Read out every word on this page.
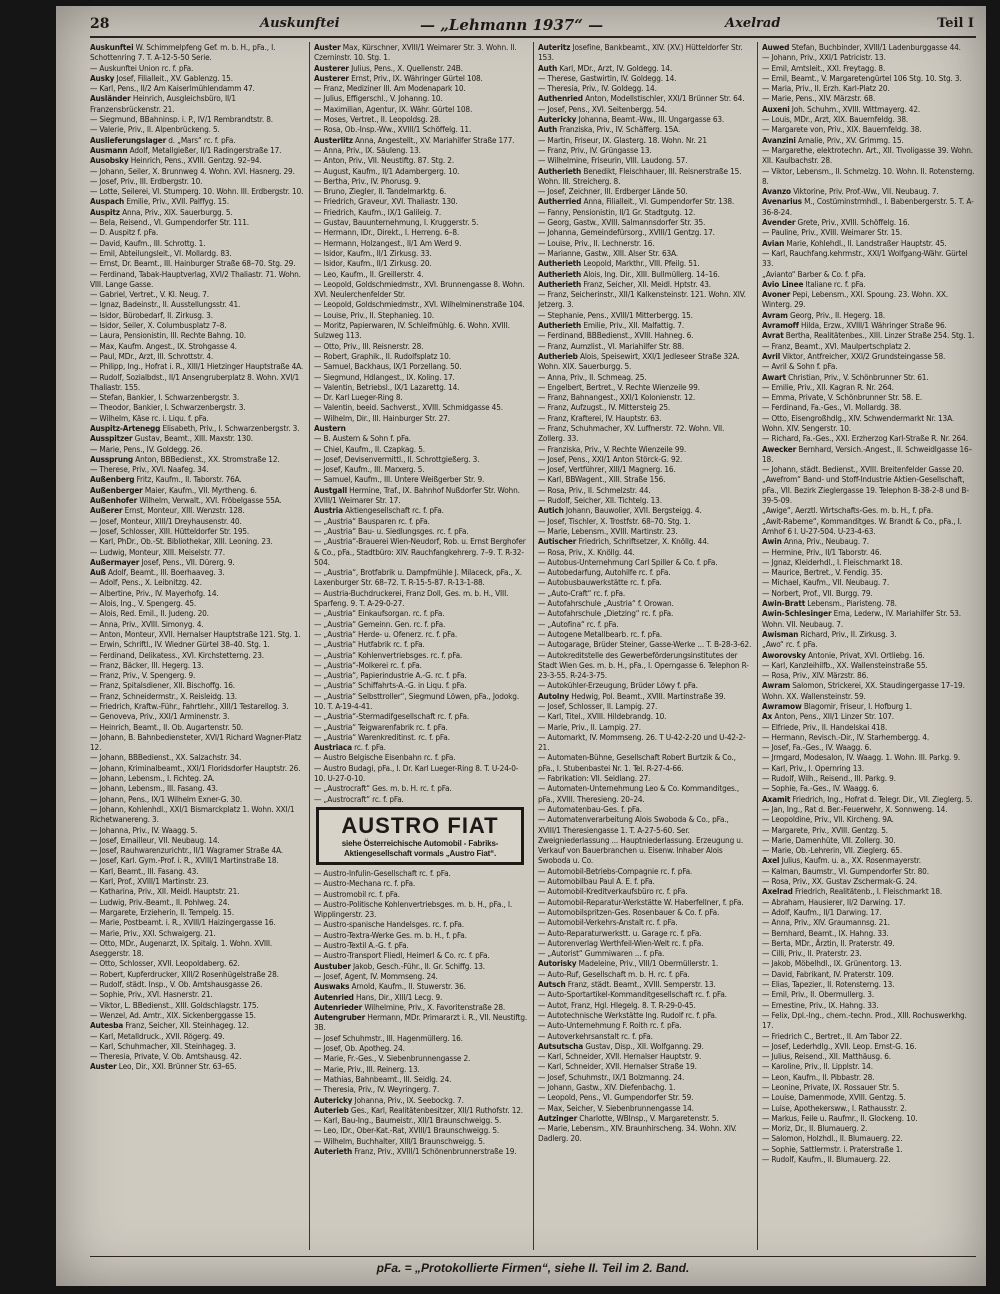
28	Auskunftei	— „Lehmann 1937“ —	Axelrad	Teil I
Auskunftei W. Schimmelpfeng Gef. m. b. H., pFa., I. Schottenring 7. T. A-12-5-50 Serie.
— Auskunftei Union rc. f. pFa.
Ausky Josef, Filialleit., XV. Gablenzg. 15.
— Karl, Pens., II/2 Am Kaiserlmühlendamm 47.
Ausländer Heinrich, Ausgleichsbüro, II/1 Franzensbrückenstr. 21.
— Siegmund, BBahninsp. i. P., IV/1 Rembrandtstr. 8.
— Valerie, Priv., II. Alpenbrückeng. 5.
Auslieferungslager d. „Mars“ rc. f. pFa.
Ausmann Adolf, Metallgießer, II/1 Radingerstraße 17.
Ausobsky Heinrich, Pens., XVIII. Gentzg. 92–94.
— Johann, Seiler, X. Brunnweg 4. Wohn. XVI. Hasnerg. 29.
— Josef, Priv., III. Erdbergstr. 10.
— Lotte, Seilerei, VI. Stumperg. 10. Wohn. III. Erdbergstr. 10.
Auspach Emilie, Priv., XVII. Palffyg. 15.
Auspitz Anna, Priv., XIX. Sauerburgg. 5.
— Bela, Reisend., VI. Gumpendorfer Str. 111.
— D. Auspitz f. pFa.
— David, Kaufm., III. Schrottg. 1.
— Emil, Abteilungsleit., VI. Mollardg. 83.
— Ernst, Dr. Beamt., III. Hainburger Straße 68–70. Stg. 29.
— Ferdinand, Tabak-Hauptverlag, XVI/2 Thaliastr. 71. Wohn. VIII. Lange Gasse.
— Gabriel, Vertret., V. Kl. Neug. 7.
— Ignaz, Badeinstr., II. Ausstellungsstr. 41.
— Isidor, Bürobedarf, II. Zirkusg. 3.
— Isidor, Seiler, X. Columbusplatz 7–8.
— Laura, Pensionistin, III. Rechte Bahng. 10.
— Max, Kaufm. Angest., IX. Strohgasse 4.
— Paul, MDr., Arzt, III. Schrottstr. 4.
— Philipp, Ing., Hofrat i. R., XIII/1 Hietzinger Hauptstraße 4A.
— Rudolf, Sozialbdst., II/1 Ansengruberplatz 8. Wohn. XVI/1 Thaliastr. 155.
— Stefan, Bankier, I. Schwarzenbergstr. 3.
— Theodor, Bankier, I. Schwarzenbergstr. 3.
— Wilhelm, Käse rc. i. Liqu. f. pFa.
Auspitz-Artenegg Elisabeth, Priv., I. Schwarzenbergstr. 3.
Ausspitzer Gustav, Beamt., XIII. Maxstr. 130.
— Marie, Pens., IV. Goldegg. 26.
Aussprung Anton, BBBedienst., XX. Stromstraße 12.
— Therese, Priv., XVI. Naafeg. 34.
Außenberg Fritz, Kaufm., II. Taborstr. 76A.
Außenberger Maier, Kaufm., VII. Myrtheng. 6.
Außenhofer Wilhelm, Verwalt., XVI. Fröbelgasse 55A.
Außerer Ernst, Monteur, XIII. Wenzstr. 128.
— Josef, Monteur, XIII/1 Dreyhausenstr. 40.
— Josef, Schlosser, XIII. Hütteldorfer Str. 195.
— Karl, PhDr., Ob.-St. Bibliothekar, XIII. Leoning. 23.
— Ludwig, Monteur, XIII. Meiselstr. 77.
Außermayer Josef, Pens., VII. Dürerg. 9.
Auß Adolf, Beamt., III. Boerhaaveg. 3.
— Adolf, Pens., X. Leibnitzg. 42.
— Albertine, Priv., IV. Mayerhofg. 14.
— Alois, Ing., V. Spengerg. 45.
— Alois, Red. Emil., II. Judeng. 20.
— Anna, Priv., XVIII. Simonyg. 4.
— Anton, Monteur, XVII. Hernalser Hauptstraße 121. Stg. 1.
— Erwin, Schriftl., IV. Wiedner Gürtel 38–40. Stg. 1.
— Ferdinand, Delikatess., XVI. Kirchstetterng. 23.
— Franz, Bäcker, III. Hegerg. 13.
— Franz, Priv., V. Spengerg. 9.
— Franz, Spitalsdiener, XII. Bischoffg. 16.
— Franz, Schneidermstr., X. Reisleidg. 13.
— Friedrich, Kraftw.-Führ., Fahrtlehr., XIII/1 Testarellog. 3.
— Genoveva, Priv., XXI/1 Arminenstr. 3.
— Heinrich, Beamt., II. Ob. Augartenstr. 50.
— Johann, B. Bahnbediensteter, XVI/1 Richard Wagner-Platz 12.
— Johann, BBBedienst., XX. Salzachstr. 34.
— Johann, Kriminalbeamt., XXI/1 Floridsdorfer Hauptstr. 26.
— Johann, Lebensm., I. Fichteg. 2A.
— Johann, Lebensm., III. Fasang. 43.
— Johann, Pens., IX/1 Wilhelm Exner-G. 30.
— Johann, Kohlenhdl., XXI/1 Bismarckplatz 1. Wohn. XXI/1 Richetwanereng. 3.
— Johanna, Priv., IV. Waagg. 5.
— Josef, Emailleur, VII. Neubaug. 14.
— Josef, Rauhwarenzurichtr., II/1 Wagramer Straße 4A.
— Josef, Karl. Gym.-Prof. i. R., XVIII/1 Martinstraße 18.
— Karl, Beamt., III. Fasang. 43.
— Karl, Prof., XVIII/1 Martinstr. 23.
— Katharina, Priv., XII. Meidl. Hauptstr. 21.
— Ludwig, Priv.-Beamt., II. Pohlweg. 24.
— Margarete, Erzieherin, II. Tempelg. 15.
— Marie, Postbeamt. i. R., XVIII/1 Haizingergasse 16.
— Marie, Priv., XXI. Schwaigerg. 21.
— Otto, MDr., Augenarzt, IX. Spitalg. 1. Wohn. XVIII. Aseggerstr. 18.
— Otto, Schlosser, XVII. Leopoldaberg. 62.
— Robert, Kupferdrucker, XIII/2 Rosenhügelstraße 28.
— Rudolf, städt. Insp., V. Ob. Amtshausgasse 26.
— Sophie, Priv., XVI. Hasnerstr. 21.
— Viktor, L. BBedienst., XIII. Goldschlagstr. 175.
— Wenzel, Ad. Amtr., XIX. Sickenberggasse 15.
Autesba Franz, Seicher, XII. Steinhageg. 12.
— Karl, Metalldruck., XVII. Rögerg. 49.
— Karl, Schuhmacher, XII. Steinhageg. 3.
— Theresia, Private, V. Ob. Amtshausg. 42.
Auster Leo, Dir., XXI. Brünner Str. 63–65.
Auster Max, Kürschner, XVIII/1 Weimarer Str. 3. Wohn. II. Czerninstr. 10. Stg. 1.
Austerer Julius, Pens., X. Quellenstr. 24B.
Austerer Ernst, Priv., IX. Währinger Gürtel 108.
— Franz, Mediziner III. Am Modenapark 10.
— Julius, Effigerschl., V. Johanng. 10.
— Maximilian, Agentur, IX. Währ. Gürtel 108.
— Moses, Vertret., II. Leopoldsg. 28.
— Rosa, Ob.-Insp.-Ww., XVIII/1 Schöffelg. 11.
Austerlitz Anna, Angestellt., XV. Mariahilfer Straße 177.
— Anna, Priv., IX. Säuleng. 13.
— Anton, Priv., VII. Neustiftg. 87. Stg. 2.
— August, Kaufm., II/1 Adambergerg. 10.
— Bertha, Priv., IV. Phorusg. 9.
— Bruno, Ziegler, II. Tandelmarktg. 6.
— Friedrich, Graveur, XVI. Thaliastr. 130.
— Friedrich, Kaufm., IX/1 Galileig. 7.
— Gustav, Bauunternehmung, I. Kruggerstr. 5.
— Hermann, IDr., Direkt., I. Herreng. 6–8.
— Hermann, Holzangest., II/1 Am Werd 9.
— Isidor, Kaufm., II/1 Zirkusg. 33.
— Isidor, Kaufm., II/1 Zirkusg. 20.
— Leo, Kaufm., II. Greillerstr. 4.
— Leopold, Goldschmiedmstr., XVI. Brunnengasse 8. Wohn. XVI. Neulerchenfelder Str.
— Leopold, Goldschmiedmstr., XVI. Wilhelminenstraße 104.
— Louise, Priv., II. Stephanieg. 10.
— Moritz, Papierwaren, IV. Schleifmühlg. 6. Wohn. XVIII. Sulzweg 113.
— Otto, Priv., III. Reisnerstr. 28.
— Robert, Graphik., II. Rudolfsplatz 10.
— Samuel, Backhaus, IX/1 Porzellang. 50.
— Siegmund, Hdlangest., IX. Koling. 17.
— Valentin, Betriebsl., IX/1 Lazarettg. 14.
— Dr. Karl Lueger-Ring 8.
— Valentin, beeid. Sachverst., XVIII. Schmidgasse 45.
— Wilhelm, Dir., III. Hainburger Str. 27.
Austern
— B. Austern & Sohn f. pFa.
— Chiel, Kaufm., II. Czapkag. 5.
— Josef, Devisenvermittl., II. Schrottgießerg. 3.
— Josef, Kaufm., III. Marxerg. 5.
— Samuel, Kaufm., III. Untere Weißgerber Str. 9.
Austgall Hermine, Traf., IX. Bahnhof Nußdorfer Str. Wohn. XVIII/1 Weimarer Str. 17.
Austria Aktiengesellschaft rc. f. pFa.
— „Austria“ Bausparen rc. f. pFa.
— „Austria“ Bau- u. Siedlungsges. rc. f. pFa.
— „Austria“-Brauerei Wien-Neudorf, Rob. u. Ernst Berghofer & Co., pFa., Stadtbüro: XIV. Rauchfangkehrerg. 7–9. T. R-32-504.
— „Austria“, Brotfabrik u. Dampfmühle J. Milaceck, pFa., X. Laxenburger Str. 68–72. T. R-15-5-87. R-13-1-88.
— Austria-Buchdruckerei, Franz Doll, Ges. m. b. H., VIII. Sparfeng. 9. T. A-29-0-27.
— „Austria“ Einkaufsorgan. rc. f. pFa.
— „Austria“ Gemeinn. Gen. rc. f. pFa.
— „Austria“ Herde- u. Ofenerz. rc. f. pFa.
— „Austria“ Hutfabrik rc. f. pFa.
— „Austria“ Kohlenvertriebsges. rc. f. pFa.
— „Austria“-Molkerei rc. f. pFa.
— „Austria“, Papierindustrie A.-G. rc. f. pFa.
— „Austria“ Schiffahrts-A.-G. in Liqu. f. pFa.
— „Austria“ Selbsttroller“, Siegmund Löwen, pFa., Jodokg. 10. T. A-19-4-41.
— „Austria“-Stermadifgesellschaft rc. f. pFa.
— „Austria“ Teigwarenfabrik rc. f. pFa.
— „Austria“ Warenkreditinst. rc. f. pFa.
Austriaca rc. f. pFa.
— Austro Belgische Eisenbahn rc. f. pFa.
— Austro Budagi, pFa., I. Dr. Karl Lueger-Ring 8. T. U-24-0-10. U-27-0-10.
— „Austrocraft“ Ges. m. b. H. rc. f. pFa.
— „Austrocraft“ rc. f. pFa.
AUSTRO FIAT
siehe Österreichische Automobil - Fabriks-
Aktiengesellschaft vormals „Austro Fiat“.
— Austro-Infulin-Gesellschaft rc. f. pFa.
— Austro-Mechana rc. f. pFa.
— Austromobil rc. f. pFa.
— Austro-Politische Kohlenvertriebsges. m. b. H., pFa., I. Wipplingerstr. 23.
— Austro-spanische Handelsges. rc. f. pFa.
— Austro-Textra-Werke Ges. m. b. H., f. pFa.
— Austro-Textil A.-G. f. pFa.
— Austro-Transport Fliedl, Heimerl & Co. rc. f. pFa.
Austuber Jakob, Gesch.-Führ., II. Gr. Schiffg. 13.
— Josef, Agent, IV. Mommseng. 24.
Auswaks Arnold, Kaufm., II. Stuwerstr. 36.
Autenried Hans, Dir., XIII/1 Lecg. 9.
Autenrieder Wilhelmine, Priv., X. Favoritenstraße 28.
Autengruber Hermann, MDr. Primararzt i. R., VII. Neustiftg. 3B.
— Josef Schuhmstr., III. Hagenmüllerg. 16.
— Josef, Ob. Apotheg. 24.
— Marie, Fr.-Ges., V. Siebenbrunnengasse 2.
— Marie, Priv., III. Reinerg. 13.
— Mathias, Bahnbeamt., III. Seidlg. 24.
— Theresia, Priv., IV. Weyringerg. 7.
Autericky Johanna, Priv., IX. Seebockg. 7.
Auterieb Ges., Karl, Realitätenbesitzer, XII/1 Ruthofstr. 12.
— Karl, Bau-Ing., Baumeistr., XII/1 Braunschweigg. 5.
— Leo, IDr., Ober-Kat.-Rat, XVIII/1 Braunschweigg. 5.
— Wilhelm, Buchhalter, XIII/1 Braunschweigg. 5.
Auterieth Franz, Priv., XVIII/1 Schönenbrunnerstraße 19.
Auteritz Josefine, Bankbeamt., XIV. (XV.) Hütteldorfer Str. 153.
Auth Karl, MDr., Arzt, IV. Goldegg. 14.
— Therese, Gastwirtin, IV. Goldegg. 14.
— Theresia, Priv., IV. Goldegg. 14.
Authenried Anton, Modellstischler, XXI/1 Brünner Str. 64.
— Josef, Pens., XVI. Seitenbergg. 54.
Autericky Johanna, Beamt.-Ww., III. Ungargasse 63.
Auth Franziska, Priv., IV. Schäfferg. 15A.
— Martin, Friseur, IX. Glasterg. 18. Wohn. Nr. 21
— Franz, Priv., IV. Grüngasse 13.
— Wilhelmine, Friseurin, VIII. Laudong. 57.
Autherieth Benedikt, Fleischhauer, III. Reisnerstraße 15. Wohn. III. Streicherg. 8.
— Josef, Zeichner, III. Erdberger Lände 50.
Autherried Anna, Filialleit., VI. Gumpendorfer Str. 138.
— Fanny, Pensionistin, II/1 Gr. Stadtgutg. 12.
— Georg, Gastw., XVIII. Salmannsdorfer Str. 35.
— Johanna, Gemeindefürsorg., XVIII/1 Gentzg. 17.
— Louise, Priv., II. Lechnerstr. 16.
— Marianne, Gastw., XIII. Alser Str. 63A.
Autherieth Leopold, Markthr., VIII. Pfeilg. 51.
Autherieth Alois, Ing. Dir., XIII. Bullmüllerg. 14–16.
Autherieth Franz, Seicher, XII. Meidl. Hptstr. 43.
— Franz, Seicherinstr., XII/1 Kalkensteinstr. 121. Wohn. XIV. Jetzerg. 3.
— Stephanie, Pens., XVIII/1 Mitterbergg. 15.
Autherieth Emilie, Priv., XII. Malfattig. 7.
— Ferdinand, BBBedienst., XVIII. Hahneg. 6.
— Franz, Aumzlist., VI. Mariahilfer Str. 88.
Autherieb Alois, Speisewirt, XXI/1 Jedleseer Straße 32A. Wohn. XIX. Sauerburgg. 5.
— Anna, Priv., II. Schmeag. 25.
— Engelbert, Bertret., V. Rechte Wienzeile 99.
— Franz, Bahnangest., XXI/1 Kolonienstr. 12.
— Franz, Aufzugst., IV. Mittersteig 25.
— Franz, Krafterei, IV. Hauptstr. 63.
— Franz, Schuhmacher, XV. Luffnerstr. 72. Wohn. VII. Zollerg. 33.
— Franziska, Priv., V. Rechte Wienzeile 99.
— Josef, Pens., XXI/1 Anton Störck-G. 92.
— Josef, Vertführer, XIII/1 Magnerg. 16.
— Karl, BBWagent., XIII. Straße 156.
— Rosa, Priv., II. Schmelzstr. 44.
— Rudolf, Seicher, XII. Tichtelg. 13.
Autich Johann, Bauwolier, XVII. Bergsteigg. 4.
— Josef, Tischler, X. Trostfstr. 68–70. Stg. 1.
— Marie, Lebensm., XVIII. Martinstr. 23.
Autischer Friedrich, Schriftsetzer, X. Knöllg. 44.
— Rosa, Priv., X. Knöllg. 44.
— Autobus-Unternehmung Carl Spiller & Co. f. pFa.
— Autobedarfung, Autohilfe rc. f. pFa.
— Autobusbauwerkstätte rc. f. pFa.
— „Auto-Craft“ rc. f. pFa.
— Autofahrschule „Austria“ f. Orowan.
— Autofahrschule „Dietzing“ rc. f. pFa.
— „Autofina“ rc. f. pFa.
— Autogene Metallbearb. rc. f. pFa.
— Autogarage, Brüder Steiner, Gasse-Werke ... T. B-28-3-62.
— Autokreditstelle des Gewerbeförderungsinstitutes der Stadt Wien Ges. m. b. H., pFa., I. Operngasse 6. Telephon R-23-3-55. R-24-3-75.
— Autokühler-Erzeugung, Brüder Löwy f. pFa.
Autolny Hedwig, Pol. Beamt., XVIII. Martinstraße 39.
— Josef, Schlosser, II. Lampig. 27.
— Karl, Titel., XVIII. Hildebrandg. 10.
— Marie, Priv., II. Lampig. 27.
— Automarkt, IV. Mommseng. 26. T U-42-2-20 und U-42-2-21.
— Automaten-Bühne, Gesellschaft Robert Burtzik & Co., pFa., I. Stubenbastei Nr. 1. Tel. R-27-4-66.
— Fabrikation: VII. Seidlang. 27.
— Automaten-Unternehmung Leo & Co. Kommanditges., pFa., XVIII. Theresieng. 20–24.
— Automatenbau-Ges. f. pFa.
— Automatenverarbeitung Alois Swoboda & Co., pFa., XVIII/1 Theresiengasse 1. T. A-27-5-60. Ser. Zweigniederlassung ... Hauptniederlassung. Erzeugung u. Verkauf von Bauerbranchen u. Eisenw. Inhaber Alois Swoboda u. Co.
— Automobil-Betriebs-Compagnie rc. f. pFa.
— Automobilbau Paul A. E. f. pFa.
— Automobil-Kreditverkaufsbüro rc. f. pFa.
— Automobil-Reparatur-Werkstätte W. Haberfellner, f. pFa.
— Automobilspritzen-Ges. Rosenbauer & Co. f. pFa.
— Automobil-Verkehrs-Anstalt rc. f. pFa.
— Auto-Reparaturwerkstt. u. Garage rc. f. pFa.
— Autorenverlag Werthfeil-Wien-Welt rc. f. pFa.
— „Autorist“ Gummiwaren ... f. pFa.
Autorisky Madeleine, Priv., VIII/1 Obermüllerstr. 1.
— Auto-Ruf, Gesellschaft m. b. H. rc. f. pFa.
Autsch Franz, städt. Beamt., XVIII. Semperstr. 13.
— Auto-Sportartikel-Kommanditgesellschaft rc. f. pFa.
— Autot, Franz, Hgl. Hlegelg. 8. T. R-29-0-45.
— Autotechnische Werkstätte Ing. Rudolf rc. f. pFa.
— Auto-Unternehmung F. Roith rc. f. pFa.
— Autoverkehrsanstalt rc. f. pFa.
Autsutscha Gustav, Disp., XII. Wolfganng. 29.
— Karl, Schneider, XVII. Hernalser Hauptstr. 9.
— Karl, Schneider, XVII. Hernalser Straße 19.
— Josef, Schuhmstr., IX/1 Bolzmanng. 24.
— Johann, Gastw., XIV. Diefenbachg. 1.
— Leopold, Pens., VI. Gumpendorfer Str. 59.
— Max, Seicher, V. Siebenbrunnengasse 14.
Autzinger Charlotte, WBInsp., V. Margaretenstr. 5.
— Marie, Lebensm., XIV. Braunhirscheng. 34. Wohn. XIV. Dadlerg. 20.
Auwed Stefan, Buchbinder, XVIII/1 Ladenburggasse 44.
— Johann, Priv., XXI/1 Patricistr. 13.
— Emil, Amtsleit., XXI. Freytagg. 8.
— Emil, Beamt., V. Margaretengürtel 106 Stg. 10. Stg. 3.
— Maria, Priv., II. Erzh. Karl-Platz 20.
— Marie, Pens., XIV. Märzstr. 68.
Auxeni Joh. Schuhm., XVIII. Wittmayerg. 42.
— Louis, MDr., Arzt, XIX. Bauernfeldg. 38.
— Margarete von, Priv., XIX. Bauernfeldg. 38.
Avanzini Amalie, Priv., XV. Grimmg. 15.
— Margarethe, elektrotechn. Art., XII. Tivoligasse 39. Wohn. XII. Kaulbachstr. 28.
— Viktor, Lebensm., II. Schmelzg. 10. Wohn. II. Rotensterng. 8.
Avanzo Viktorine, Priv. Prof.-Ww., VII. Neubaug. 7.
Avenarius M., Costüminstrmhdl., I. Babenbergerstr. 5. T. A-36-8-24.
Avender Grete, Priv., XVIII. Schöffelg. 16.
— Pauline, Priv., XVIII. Weimarer Str. 15.
Avian Marie, Kohlehdl., II. Landstraßer Hauptstr. 45.
— Karl, Rauchfang.kehrmstr., XXI/1 Wolfgang-Währ. Gürtel 33.
„Avianto“ Barber & Co. f. pFa.
Avio Linee Italiane rc. f. pFa.
Avoner Pepi, Lebensm., XXI. Spoung. 23. Wohn. XX. Winterg. 29.
Avram Georg, Priv., II. Hegerg. 18.
Avramoff Hilda, Erzw., XVIII/1 Währinger Straße 96.
Avrat Bertha, Realitätenbes., XIII. Linzer Straße 254. Stg. 1.
— Franz, Beamt., XVI. Maulpertschplatz 2.
Avril Viktor, Antfreicher, XXI/2 Grundsteingasse 58.
— Avril & Sohn f. pFa.
Awart Christian, Priv., V. Schönbrunner Str. 61.
— Emilie, Priv., XII. Kagran R. Nr. 264.
— Emma, Private, V. Schönbrunner Str. 58. E.
— Ferdinand, Fa.-Ges., VI. Mollardg. 38.
— Otto, Eisengroßhdlg., XIV. Schwendermarkt Nr. 13A. Wohn. XIV. Sengerstr. 10.
— Richard, Fa.-Ges., XXI. Erzherzog Karl-Straße R. Nr. 264.
Awecker Bernhard, Versich.-Angest., II. Schweidlgasse 16–18.
— Johann, städt. Bedienst., XVIII. Breitenfelder Gasse 20.
„Awefrom“ Band- und Stoff-Industrie Aktien-Gesellschaft, pFa., VII. Bezirk Zieglergasse 19. Telephon B-38-2-8 und B-39-5-09.
„Awige“, Aerztl. Wirtschafts-Ges. m. b. H., f. pFa.
„Awit-Rabeme“, Kommanditges. W. Brandt & Co., pFa., I. Amhof 6 I. U-27-504. U-23-4-63.
Awin Anna, Priv., Neubaug. 7.
— Hermine, Priv., II/1 Taborstr. 46.
— Jgnaz, Kleiderhdl., I. Fleischmarkt 18.
— Maurice, Bertret., V. Fendig. 35.
— Michael, Kaufm., VII. Neubaug. 7.
— Norbert, Prof., VII. Burgg. 79.
Awin-Bratt Lebensm., Piaristeng. 78.
Awin-Schlesinger Erna, Lederw., IV. Mariahilfer Str. 53. Wohn. VII. Neubaug. 7.
Awisman Richard, Priv., II. Zirkusg. 3.
„Awo“ rc. f. pFa.
Aworovsky Antonie, Privat, XVI. Ortliebg. 16.
— Karl, Kanzleihilfb., XX. Wallensteinstraße 55.
— Rosa, Priv., XIV. Märzstr. 86.
Awram Salomon, Strickerei, XX. Staudingergasse 17–19. Wohn. XX. Wallensteinstr. 59.
Awramow Blagomir, Friseur, I. Hofburg 1.
Ax Anton, Pens., XII/1 Linzer Str. 107.
— Elfriede, Priv., II. Handelskai 418.
— Hermann, Revisch.-Dir., IV. Starhembergg. 4.
— Josef, Fa.-Ges., IV. Waagg. 6.
— Jrmgard, Modesalon, IV. Waagg. 1. Wohn. III. Parkg. 9.
— Karl, Priv., I. Opernring 13.
— Rudolf, Wilh., Reisend., III. Parkg. 9.
— Sophie, Fa.-Ges., IV. Waagg. 6.
Axamit Friedrich, Ing., Hofrat d. Telegr. Dir., VII. Zieglerg. 5.
— Jan, Ing., Rat d. Ber.-Feuerwehr, X. Sonnweng. 14.
— Leopoldine, Priv., VII. Kircheng. 9A.
— Margarete, Priv., XVIII. Gentzg. 5.
— Marie, Damenhüte, VII. Zollerg. 30.
— Marie, Ob.-Lehrerin, VII. Zieglerg. 65.
Axel Julius, Kaufm. u. a., XX. Rosenmayerstr.
— Kalman, Baumstr., VI. Gumpendorfer Str. 80.
— Rosa, Priv., XX. Gustav Zschermak-G. 24.
Axelrad Friedrich, Realitätenb., I. Fleischmarkt 18.
— Abraham, Hausierer, II/2 Darwing. 17.
— Adolf, Kaufm., II/1 Darwing. 17.
— Anna, Priv., XIV. Graumannsg. 21.
— Bernhard, Beamt., IX. Hahng. 33.
— Berta, MDr., Ärztin, II. Praterstr. 49.
— Cilli, Priv., II. Praterstr. 23.
— Jakob, Möbelhdl., IX. Grünentorg. 13.
— David, Fabrikant, IV. Praterstr. 109.
— Elias, Tapezier., II. Rotensterng. 13.
— Emil, Priv., II. Obermullerg. 3.
— Ernestine, Priv., IX. Hahng. 33.
— Felix, Dpl.-Ing., chem.-techn. Prod., XIII. Rochuswerkhg. 17.
— Friedrich C., Bertret., II. Am Tabor 22.
— Josef, Lederhdlg., XVII. Leop. Ernst-G. 16.
— Julius, Reisend., XII. Matthäusg. 6.
— Karoline, Priv., II. Lipplstr. 14.
— Leon, Kaufm., II. Pibbastr. 28.
— Leonine, Private, IX. Rossauer Str. 5.
— Louise, Damenmode, XVIII. Gentzg. 5.
— Luise, Apothekersww., I. Rathausstr. 2.
— Markus, Feile u. Raufmr., II. Glockeng. 10.
— Moriz, Dr., II. Blumauerg. 2.
— Salomon, Holzhdl., II. Blumauerg. 22.
— Sophie, Sattlermstr. i. Praterstraße 1.
— Rudolf, Kaufm., II. Blumauerg. 22.
pFa. = „Protokollierte Firmen“, siehe II. Teil im 2. Band.
